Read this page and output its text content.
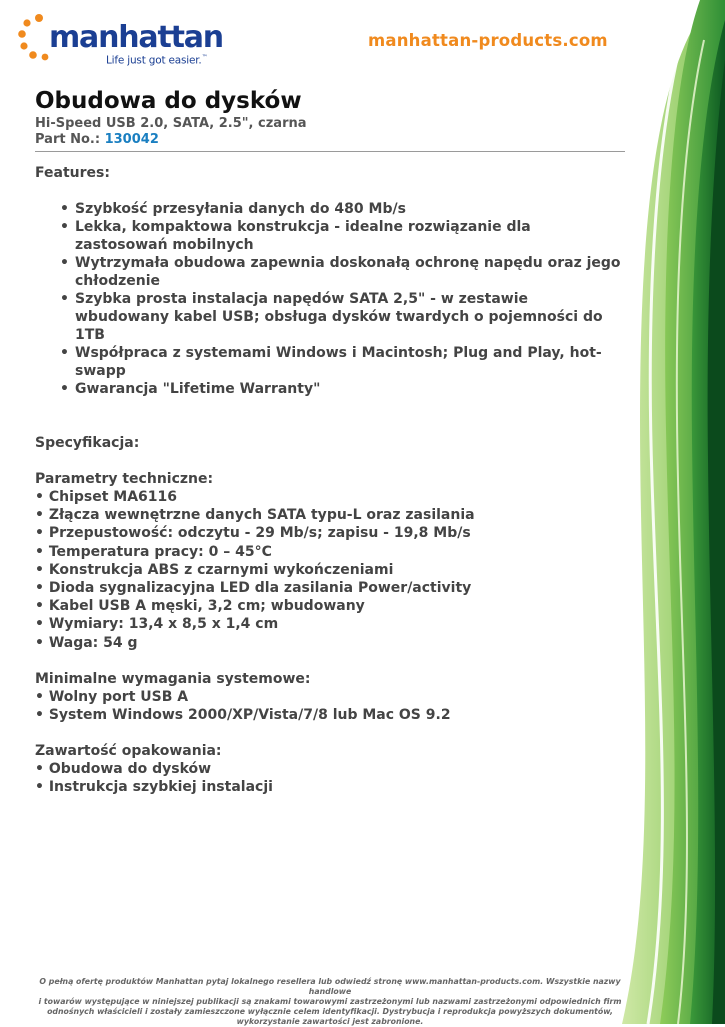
manhattan
Life just got easier.™
manhattan-products.com
Obudowa do dysków
Hi-Speed USB 2.0, SATA, 2.5", czarna
Part No.: 130042
Features:
• Szybkość przesyłania danych do 480 Mb/s
• Lekka, kompaktowa konstrukcja - idealne rozwiązanie dla zastosowań mobilnych
• Wytrzymała obudowa zapewnia doskonałą ochronę napędu oraz jego chłodzenie
• Szybka prosta instalacja napędów SATA 2,5" - w zestawie wbudowany kabel USB; obsługa dysków twardych o pojemności do 1TB
• Współpraca z systemami Windows i Macintosh; Plug and Play, hot-swapp
• Gwarancja "Lifetime Warranty"
Specyfikacja:
Parametry techniczne:
• Chipset MA6116
• Złącza wewnętrzne danych SATA typu-L oraz zasilania
• Przepustowość: odczytu - 29 Mb/s; zapisu - 19,8 Mb/s
• Temperatura pracy: 0 – 45°C
• Konstrukcja ABS z czarnymi wykończeniami
• Dioda sygnalizacyjna LED dla zasilania Power/activity
• Kabel USB A męski, 3,2 cm; wbudowany
• Wymiary: 13,4 x 8,5 x 1,4 cm
• Waga: 54 g
Minimalne wymagania systemowe:
• Wolny port USB A
• System Windows 2000/XP/Vista/7/8 lub Mac OS 9.2
Zawartość opakowania:
• Obudowa do dysków
• Instrukcja szybkiej instalacji
O pełną ofertę produktów Manhattan pytaj lokalnego resellera lub odwiedź stronę www.manhattan-products.com. Wszystkie nazwy handlowe
i towarów występujące w niniejszej publikacji są znakami towarowymi zastrzeżonymi lub nazwami zastrzeżonymi odpowiednich firm
odnośnych właścicieli i zostały zamieszczone wyłącznie celem identyfikacji. Dystrybucja i reprodukcja powyższych dokumentów,
wykorzystanie zawartości jest zabronione.
